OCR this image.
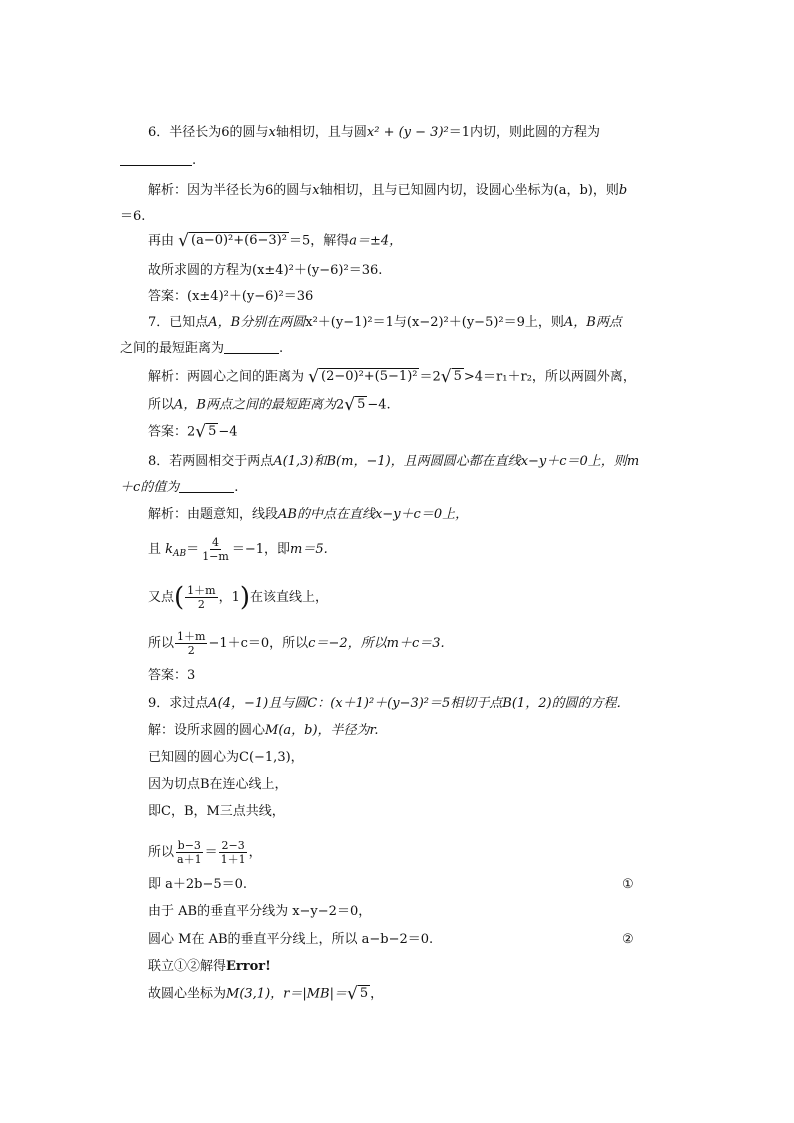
6．半径长为6的圆与x轴相切，且与圆x² + (y − 3)²＝1内切，则此圆的方程为
.
解析：因为半径长为6的圆与x轴相切，且与已知圆内切，设圆心坐标为(a，b)，则b
＝6.
再由 √ (a−0)²+(6−3)² ＝5，解得a＝±4，
故所求圆的方程为(x±4)²＋(y−6)²＝36.
答案：(x±4)²＋(y−6)²＝36
7．已知点A，B分别在两圆x²＋(y−1)²＝1与(x−2)²＋(y−5)²＝9上，则A，B两点
之间的最短距离为	.
解析：两圆心之间的距离为 √ (2−0)²+(5−1)² ＝2 √ 5 >4＝r₁＋r₂，所以两圆外离，
所以A，B两点之间的最短距离为2 √ 5 −4.
答案：2 √ 5 −4
8．若两圆相交于两点A(1,3)和B(m，−1)，且两圆圆心都在直线x−y＋c＝0上，则m
＋c的值为	.
解析：由题意知，线段AB的中点在直线x−y＋c＝0上，
且 $k_{AB}= \frac{4}{1-m} =-1$，即m＝5.
又点( $\frac{1+m}{2}$ ，1)在该直线上，
所以 $\frac{1+m}{2} -1+c=0$，所以c＝−2，所以m＋c＝3.
答案：3
9．求过点A(4，−1)且与圆C：(x＋1)²＋(y−3)²＝5相切于点B(1，2)的圆的方程．
解：设所求圆的圆心M(a，b)，半径为r.
已知圆的圆心为C(−1,3)，
因为切点B在连心线上，
即C，B，M三点共线，
所以 $\frac{b-3}{a+1} = \frac{2-3}{1+1}$ ，
即 a＋2b−5＝0.	①
由于 AB的垂直平分线为 x−y−2＝0，
圆心 M在 AB的垂直平分线上，所以 a−b−2＝0.	②
联立①②解得Error!
故圆心坐标为M(3,1)，r＝|MB|＝ √ 5 ，
